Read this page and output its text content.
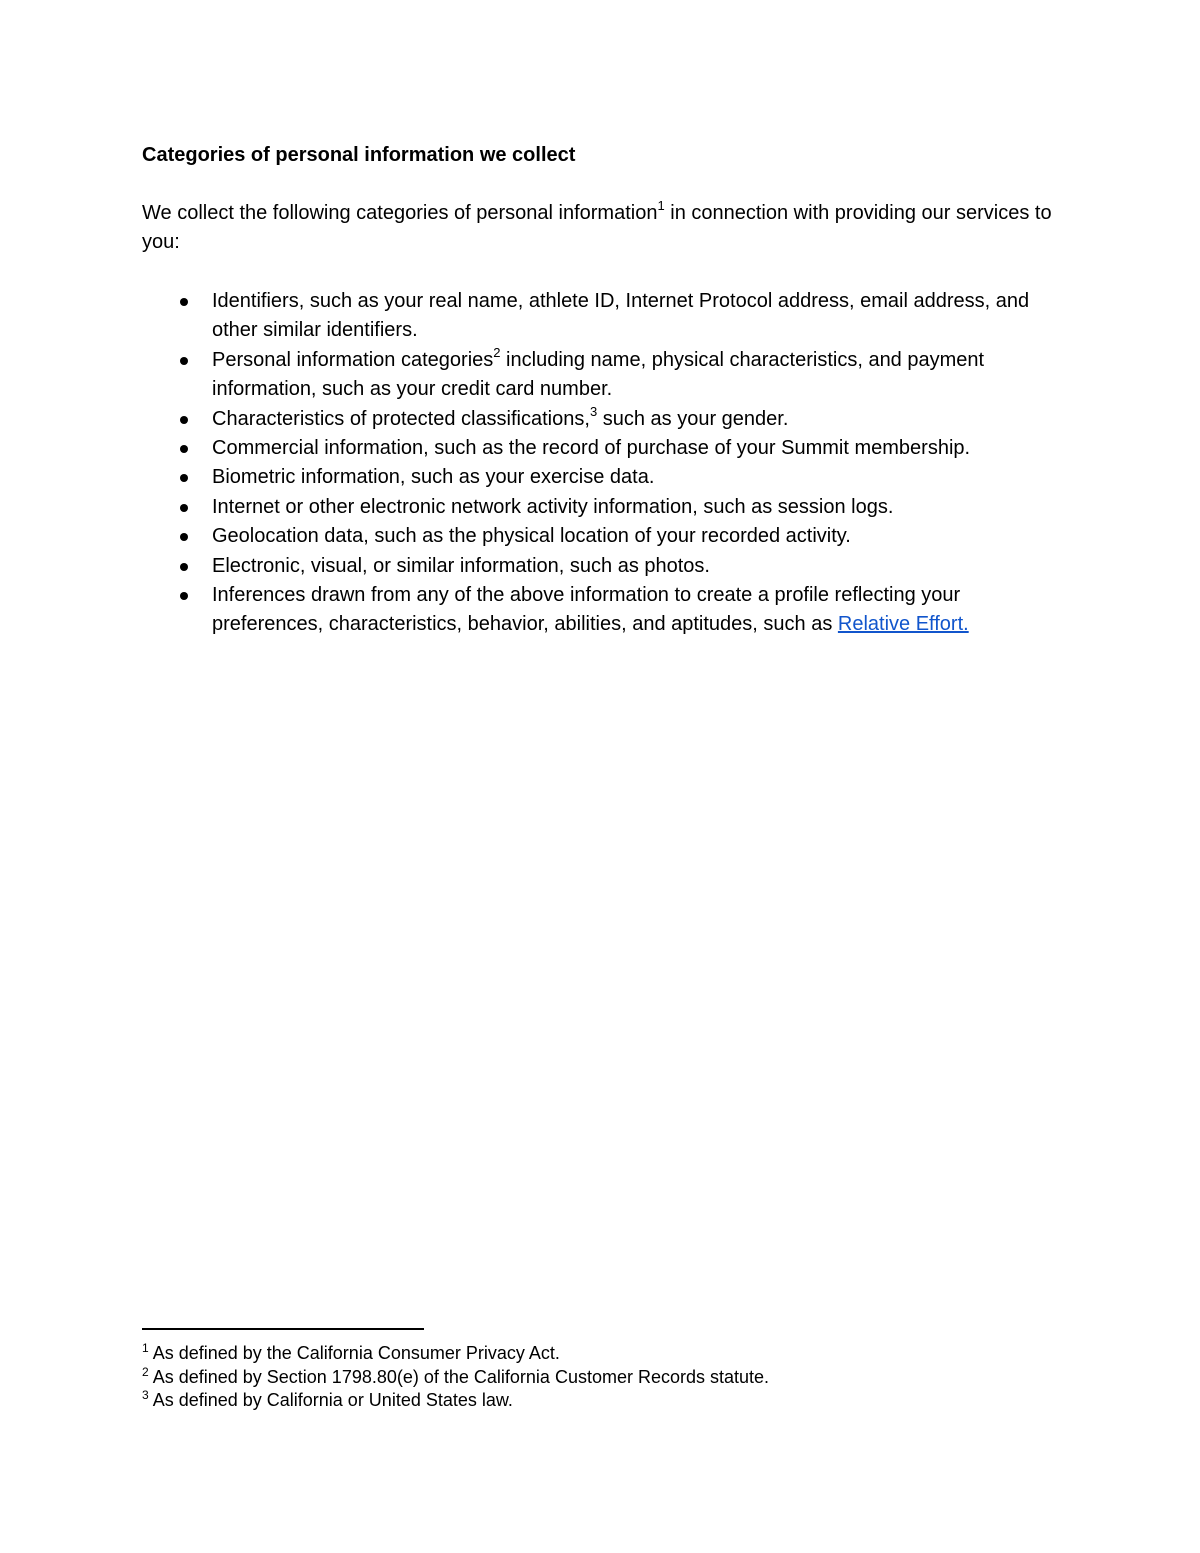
Categories of personal information we collect

We collect the following categories of personal information$^1$ in connection with providing our services to you:

Identifiers, such as your real name, athlete ID, Internet Protocol address, email address, and other similar identifiers.
Personal information categories$^2$ including name, physical characteristics, and payment information, such as your credit card number.
Characteristics of protected classifications,$^3$ such as your gender.
Commercial information, such as the record of purchase of your Summit membership.
Biometric information, such as your exercise data.
Internet or other electronic network activity information, such as session logs.
Geolocation data, such as the physical location of your recorded activity.
Electronic, visual, or similar information, such as photos.
Inferences drawn from any of the above information to create a profile reflecting your preferences, characteristics, behavior, abilities, and aptitudes, such as Relative Effort.

$^1$ As defined by the California Consumer Privacy Act.

$^2$ As defined by Section 1798.80(e) of the California Customer Records statute.

$^3$ As defined by California or United States law.
